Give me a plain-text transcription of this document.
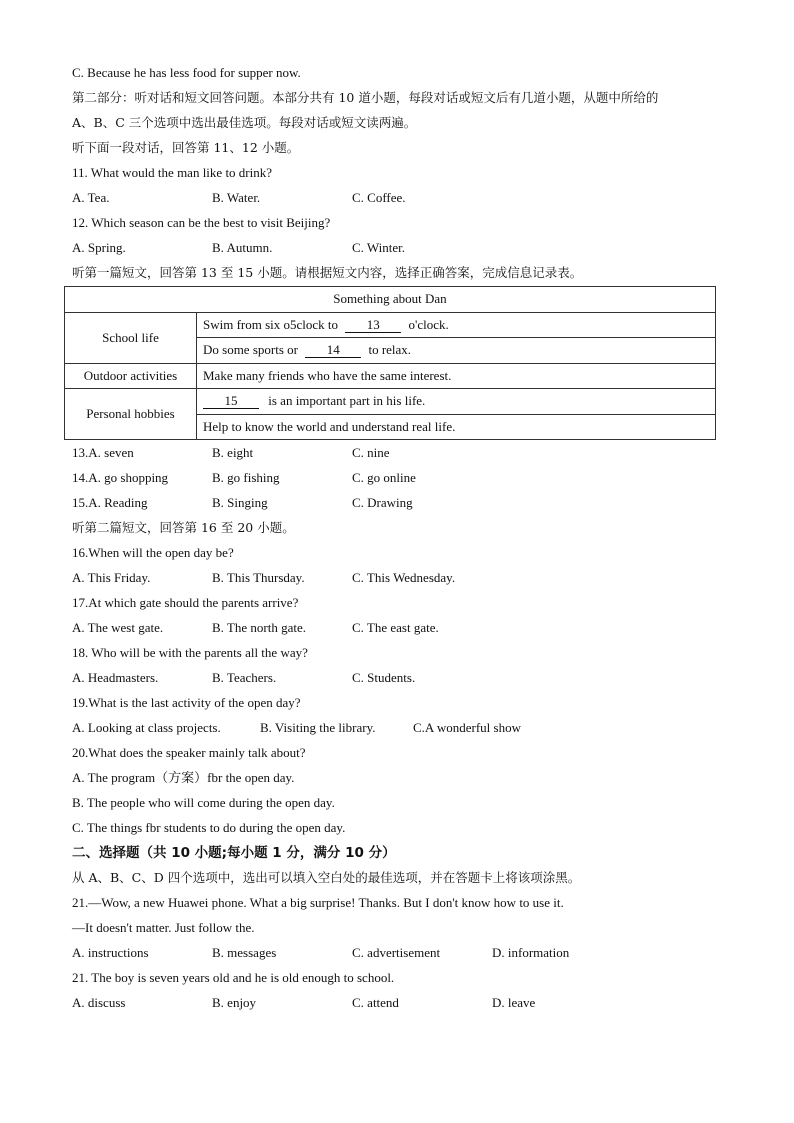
C. Because he has less food for supper now.
第二部分：听对话和短文回答问题。本部分共有 10 道小题，每段对话或短文后有几道小题，从题中所给的
A、B、C 三个选项中选出最佳选项。每段对话或短文读两遍。
听下面一段对话，回答第 11、12 小题。
11. What would the man like to drink?
A. Tea.	B. Water.	C. Coffee.
12. Which season can be the best to visit Beijing?
A. Spring.	B. Autumn.	C. Winter.
听第一篇短文，回答第 13 至 15 小题。请根据短文内容，选择正确答案，完成信息记录表。
Something about Dan	
School life	Swim from six o5clock to 13 o'clock.
	Do some sports or 14 to relax.
Outdoor activities	Make many friends who have the same interest.
Personal hobbies	15 is an important part in his life.
	Help to know the world and understand real life.
13.A. seven	B. eight	C. nine
14.A. go shopping	B. go fishing	C. go online
15.A. Reading	B. Singing	C. Drawing
听第二篇短文，回答第 16 至 20 小题。
16.When will the open day be?
A. This Friday.	B. This Thursday.	C. This Wednesday.
17.At which gate should the parents arrive?
A. The west gate.	B. The north gate.	C. The east gate.
18. Who will be with the parents all the way?
A. Headmasters.	B. Teachers.	C. Students.
19.What is the last activity of the open day?
A. Looking at class projects.	B. Visiting the library.	C.A wonderful show
20.What does the speaker mainly talk about?
A. The program（方案）fbr the open day.
B. The people who will come during the open day.
C. The things fbr students to do during the open day.
二、选择题（共 10 小题;每小题 1 分，满分 10 分）
从 A、B、C、D 四个选项中，选出可以填入空白处的最佳选项，并在答题卡上将该项涂黑。
21.—Wow, a new Huawei phone. What a big surprise! Thanks. But I don't know how to use it.
—It doesn't matter. Just follow the.
A. instructions	B. messages	C. advertisement	D. information
21. The boy is seven years old and he is old enough to school.
A. discuss	B. enjoy	C. attend	D. leave
